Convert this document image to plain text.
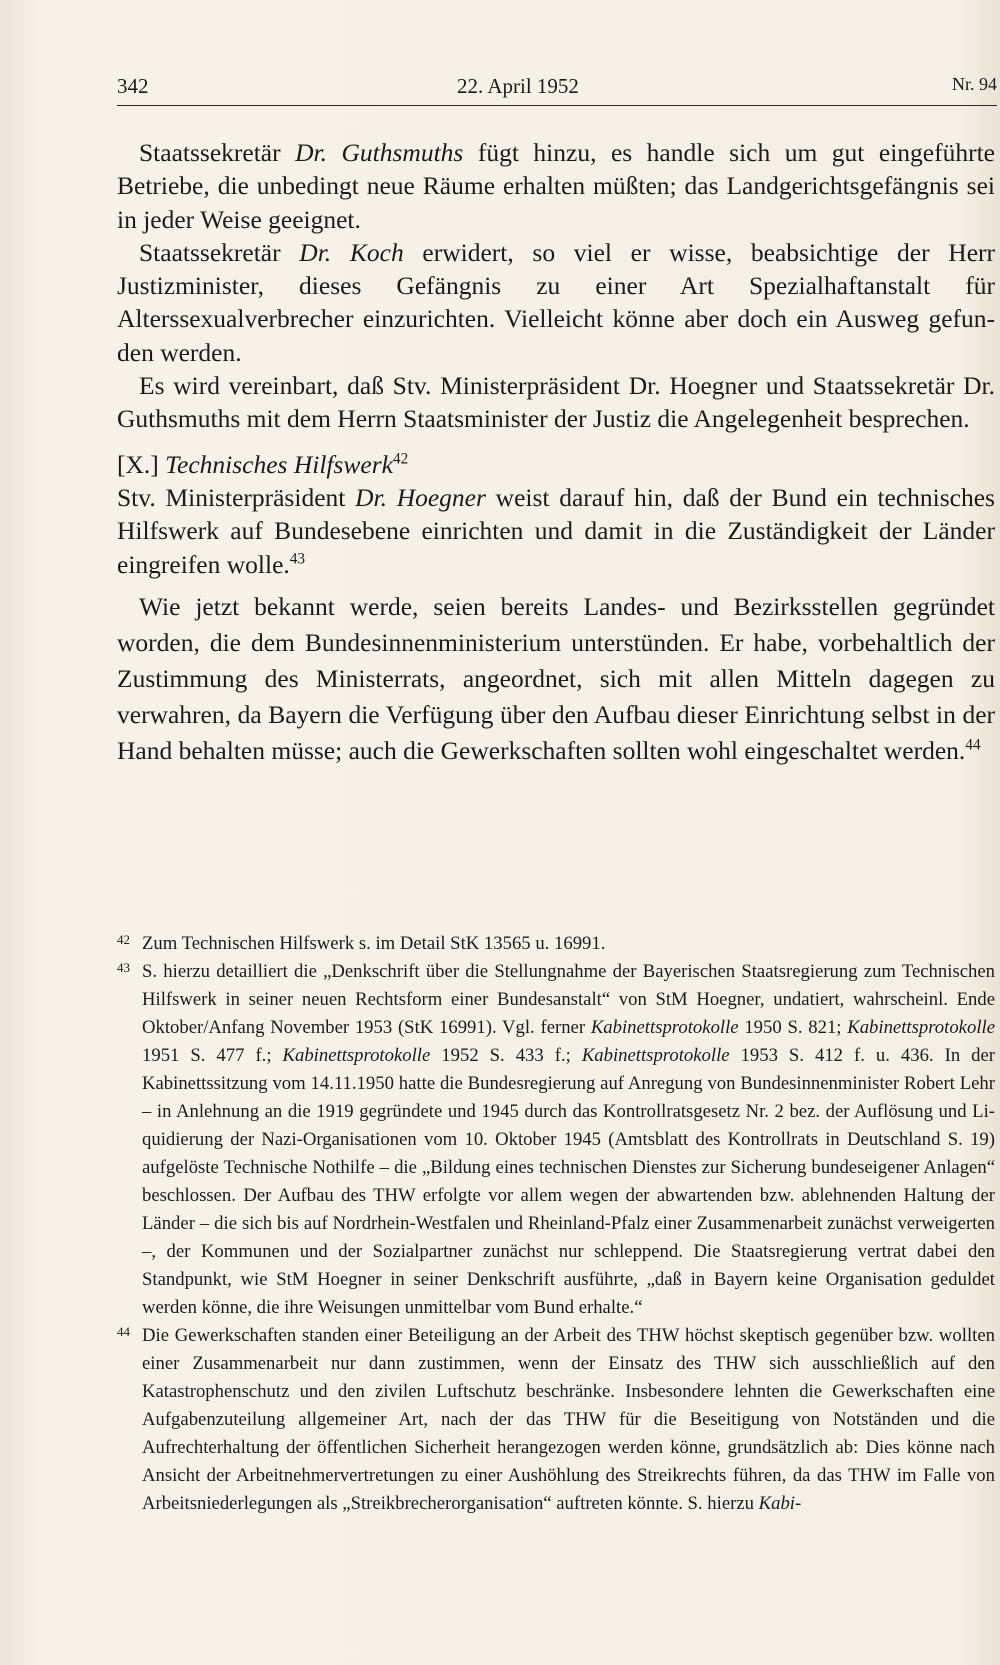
342	22. April 1952	Nr. 94

Staatssekretär Dr. Guthsmuths fügt hinzu, es handle sich um gut eingeführte Betriebe, die unbedingt neue Räume erhalten müßten; das Landgerichtsgefängnis sei in jeder Weise geeignet.

Staatssekretär Dr. Koch erwidert, so viel er wisse, beabsichtige der Herr Justizminister, dieses Gefängnis zu einer Art Spezialhaftanstalt für Alterssexualverbrecher einzurichten. Vielleicht könne aber doch ein Ausweg gefunden werden.

Es wird vereinbart, daß Stv. Ministerpräsident Dr. Hoegner und Staatssekretär Dr. Guthsmuths mit dem Herrn Staatsminister der Justiz die Angelegenheit besprechen.

[X.] Technisches Hilfswerk$^{42}$

Stv. Ministerpräsident Dr. Hoegner weist darauf hin, daß der Bund ein technisches Hilfswerk auf Bundesebene einrichten und damit in die Zuständigkeit der Länder eingreifen wolle.$^{43}$

Wie jetzt bekannt werde, seien bereits Landes- und Bezirksstellen gegründet worden, die dem Bundesinnenministerium unterstünden. Er habe, vorbehaltlich der Zustimmung des Ministerrats, angeordnet, sich mit allen Mitteln dagegen zu verwahren, da Bayern die Verfügung über den Aufbau dieser Einrichtung selbst in der Hand behalten müsse; auch die Gewerkschaften sollten wohl eingeschaltet werden.$^{44}$

42 Zum Technischen Hilfswerk s. im Detail StK 13565 u. 16991.

43 S. hierzu detailliert die „Denkschrift über die Stellungnahme der Bayerischen Staatsregierung zum Technischen Hilfswerk in seiner neuen Rechtsform einer Bundesanstalt“ von StM Hoegner, undatiert, wahrscheinl. Ende Oktober/Anfang November 1953 (StK 16991). Vgl. ferner Kabinettsprotokolle 1950 S. 821; Kabinettsprotokolle 1951 S. 477 f.; Kabinettsprotokolle 1952 S. 433 f.; Kabinettsprotokolle 1953 S. 412 f. u. 436. In der Kabinettssitzung vom 14.11.1950 hatte die Bundesregierung auf Anregung von Bundesinnenminister Robert Lehr – in Anlehnung an die 1919 gegründete und 1945 durch das Kontrollratsgesetz Nr. 2 bez. der Auflösung und Liquidierung der Nazi-Organisationen vom 10. Oktober 1945 (Amtsblatt des Kontrollrats in Deutschland S. 19) aufgelöste Technische Nothilfe – die „Bildung eines technischen Dienstes zur Sicherung bundeseigener Anlagen“ beschlossen. Der Aufbau des THW erfolgte vor allem wegen der abwartenden bzw. ablehnenden Haltung der Länder – die sich bis auf Nordrhein-Westfalen und Rheinland-Pfalz einer Zusammenarbeit zunächst verweigerten –, der Kommunen und der Sozialpartner zunächst nur schleppend. Die Staatsregierung vertrat dabei den Standpunkt, wie StM Hoegner in seiner Denkschrift ausführte, „daß in Bayern keine Organisation geduldet werden könne, die ihre Weisungen unmittelbar vom Bund erhalte.“

44 Die Gewerkschaften standen einer Beteiligung an der Arbeit des THW höchst skeptisch gegenüber bzw. wollten einer Zusammenarbeit nur dann zustimmen, wenn der Einsatz des THW sich ausschließlich auf den Katastrophenschutz und den zivilen Luftschutz beschränke. Insbesondere lehnten die Gewerkschaften eine Aufgabenzuteilung allgemeiner Art, nach der das THW für die Beseitigung von Notständen und die Aufrechterhaltung der öffentlichen Sicherheit herangezogen werden könne, grundsätzlich ab: Dies könne nach Ansicht der Arbeitnehmervertretungen zu einer Aushöhlung des Streikrechts führen, da das THW im Falle von Arbeitsniederlegungen als „Streikbrecherorganisation“ auftreten könnte. S. hierzu Kabi-
